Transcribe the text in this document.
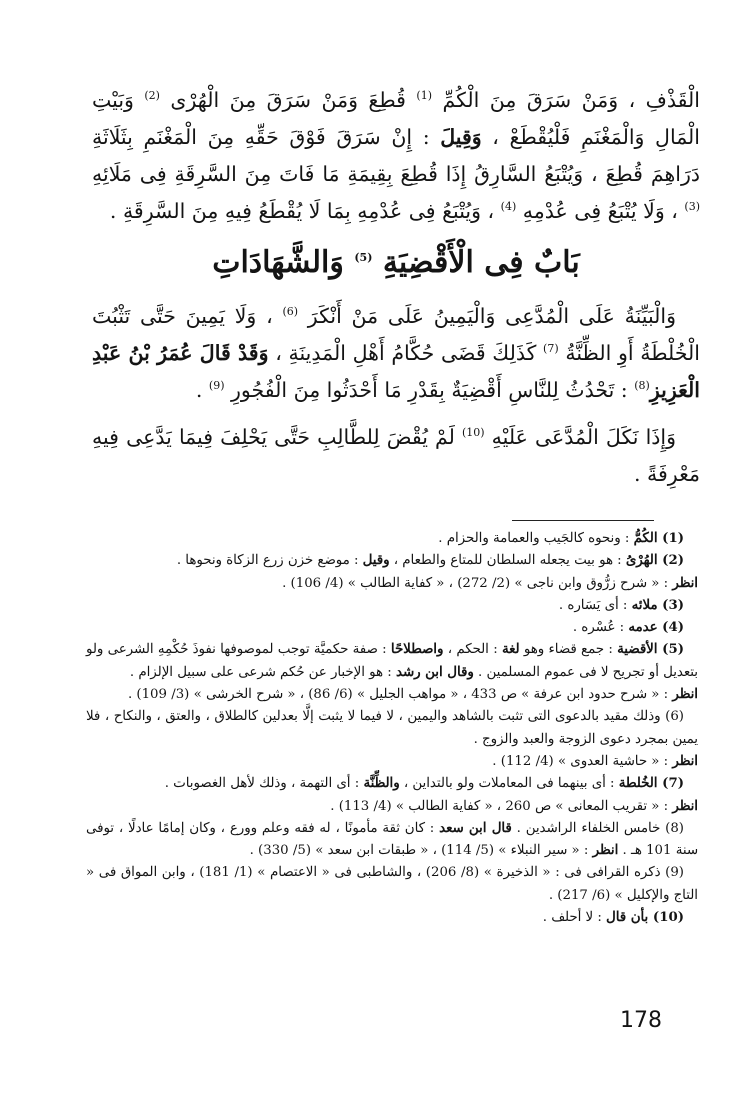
الْقَذْفِ ، وَمَنْ سَرَقَ مِنَ الْكُمِّ $^{(1)}$ قُطِعَ وَمَنْ سَرَقَ مِنَ الْهُرْى $^{(2)}$ وَبَيْتِ الْمَالِ وَالْمَغْنَمِ فَلْيُقْطَعْ ، وَقِيلَ : إِنْ سَرَقَ فَوْقَ حَقِّهِ مِنَ الْمَغْنَمِ بِثَلَاثَةِ دَرَاهِمَ قُطِعَ ، وَيُتْبَعُ السَّارِقُ إِذَا قُطِعَ بِقِيمَةِ مَا فَاتَ مِنَ السَّرِقَةِ فِى مَلَائِهِ $^{(3)}$ ، وَلَا يُتْبَعُ فِى عُدْمِهِ $^{(4)}$ ، وَيُتْبَعُ فِى عُدْمِهِ بِمَا لَا يُقْطَعُ فِيهِ مِنَ السَّرِقَةِ .

بَابٌ فِى الْأَقْضِيَةِ $^{(5)}$ وَالشَّهَادَاتِ

وَالْبَيِّنَةُ عَلَى الْمُدَّعِى وَالْيَمِينُ عَلَى مَنْ أَنْكَرَ $^{(6)}$ ، وَلَا يَمِينَ حَتَّى تَثْبُتَ الْخُلْطَةُ أَوِ الظِّنَّةُ $^{(7)}$ كَذَلِكَ قَضَى حُكَّامُ أَهْلِ الْمَدِينَةِ ، وَقَدْ قَالَ عُمَرُ بْنُ عَبْدِ الْعَزِيزِ$^{(8)}$ : تَحْدُثُ لِلنَّاسِ أَقْضِيَةٌ بِقَدْرِ مَا أَحْدَثُوا مِنَ الْفُجُورِ $^{(9)}$ .

وَإِذَا نَكَلَ الْمُدَّعَى عَلَيْهِ $^{(10)}$ لَمْ يُقْضَ لِلطَّالِبِ حَتَّى يَحْلِفَ فِيمَا يَدَّعِى فِيهِ مَعْرِفَةً .

(1) الكُمُّ : ونحوه كالجَيب والعمامة والحزام .

(2) الهُرْىُ : هو بيت يجعله السلطان للمتاع والطعام ، وقيل : موضع خزن زرع الزكاة ونحوها .

انظر : « شرح زرُّوق وابن ناجى » (2/ 272) ، « كفاية الطالب » (4/ 106) .

(3) ملائه : أى يَسَاره .

(4) عدمه : عُسْره .

(5) الأقضية : جمع قضاء وهو لغة : الحكم ، واصطلاحًا : صفة حكميَّة توجب لموصوفها نفوذَ حُكْمِهِ الشرعى ولو بتعديل أو تجريح لا فى عموم المسلمين . وقال ابن رشد : هو الإخبار عن حُكم شرعى على سبيل الإلزام .

انظر : « شرح حدود ابن عرفة » ص 433 ، « مواهب الجليل » (6/ 86) ، « شرح الخرشى » (3/ 109) .

(6) وذلك مقيد بالدعوى التى تثبت بالشاهد واليمين ، لا فيما لا يثبت إلَّا بعدلين كالطلاق ، والعتق ، والنكاح ، فلا يمين بمجرد دعوى الزوجة والعبد والزوج .

انظر : « حاشية العدوى » (4/ 112) .

(7) الخُلطة : أى بينهما فى المعاملات ولو بالتداين ، والظِّنَّة : أى التهمة ، وذلك لأهل الغصوبات .

انظر : « تقريب المعانى » ص 260 ، « كفاية الطالب » (4/ 113) .

(8) خامس الخلفاء الراشدين . قال ابن سعد : كان ثقة مأمونًا ، له فقه وعلم وورع ، وكان إمامًا عادلًا ، توفى سنة 101 هـ . انظر : « سير النبلاء » (5/ 114) ، « طبقات ابن سعد » (5/ 330) .

(9) ذكره القرافى فى : « الذخيرة » (8/ 206) ، والشاطبى فى « الاعتصام » (1/ 181) ، وابن المواق فى « التاج والإكليل » (6/ 217) .

(10) بأن قال : لا أحلف .

178
